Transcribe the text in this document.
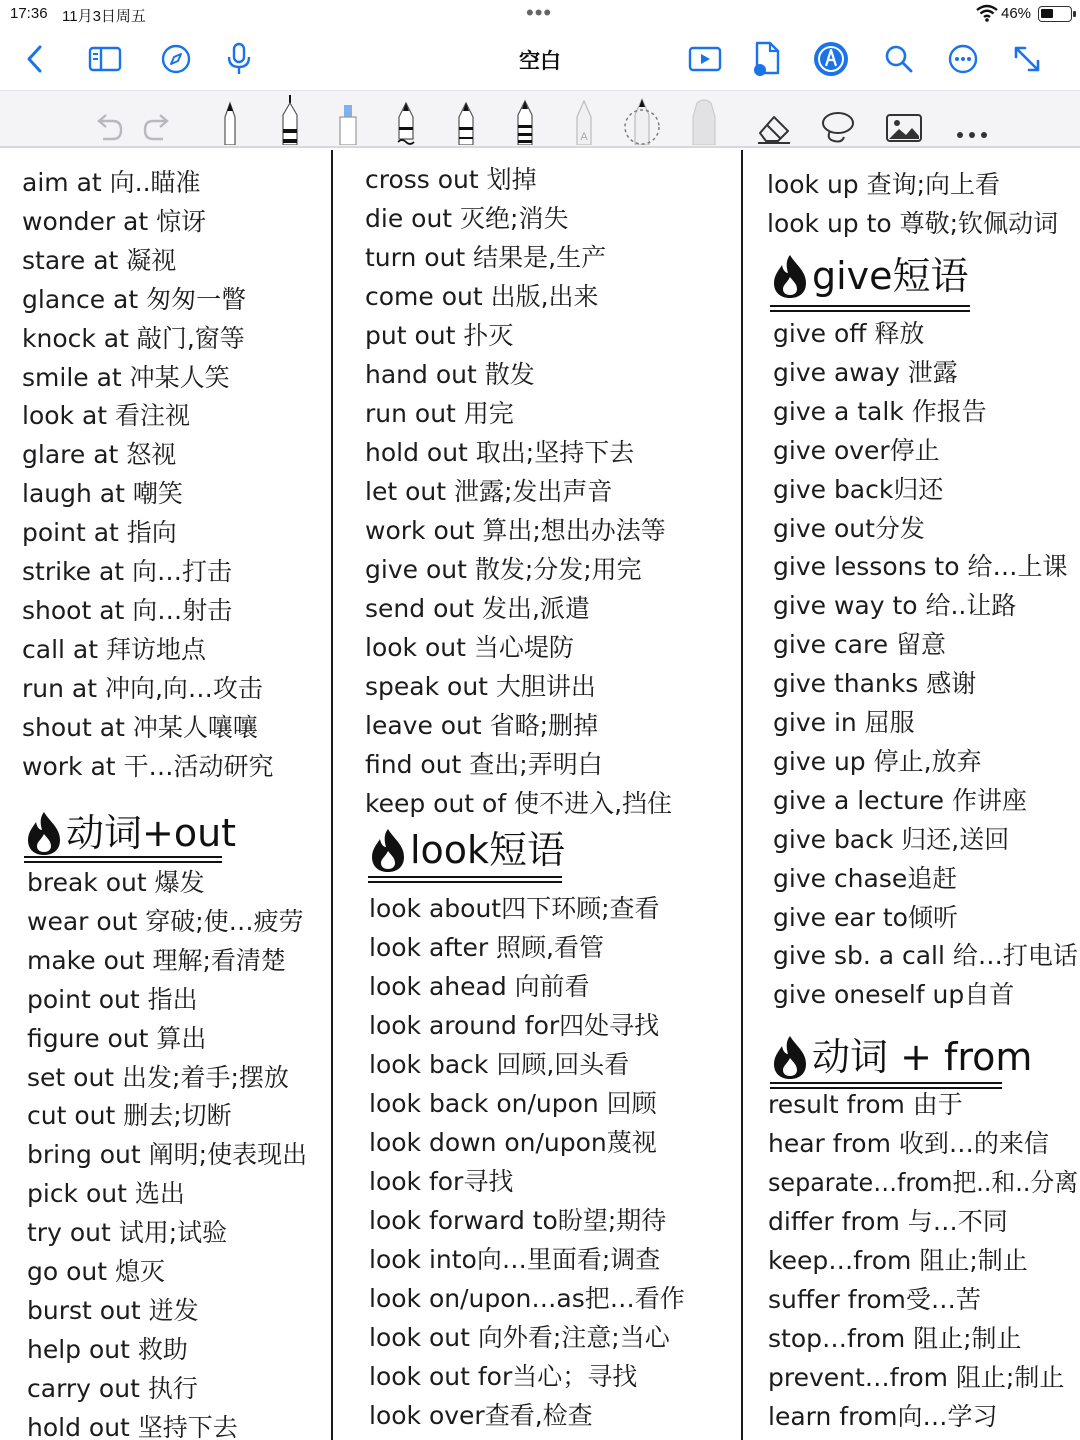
17:36 11月3日周五	•••	46%
空白
A
aim at 向..瞄准
wonder at 惊讶
stare at 凝视
glance at 匆匆一瞥
knock at 敲门,窗等
smile at 冲某人笑
look at 看注视
glare at 怒视
laugh at 嘲笑
point at 指向
strike at 向…打击
shoot at 向…射击
call at 拜访地点
run at 冲向,向…攻击
shout at 冲某人嚷嚷
work at 干…活动研究
动词+out
break out 爆发
wear out 穿破;使…疲劳
make out 理解;看清楚
point out 指出
figure out 算出
set out 出发;着手;摆放
cut out 删去;切断
bring out 阐明;使表现出
pick out 选出
try out 试用;试验
go out 熄灭
burst out 迸发
help out 救助
carry out 执行
hold out 坚持下去
cross out 划掉
die out 灭绝;消失
turn out 结果是,生产
come out 出版,出来
put out 扑灭
hand out 散发
run out 用完
hold out 取出;坚持下去
let out 泄露;发出声音
work out 算出;想出办法等
give out 散发;分发;用完
send out 发出,派遣
look out 当心堤防
speak out 大胆讲出
leave out 省略;删掉
find out 查出;弄明白
keep out of 使不进入,挡住
look短语
look about四下环顾;查看
look after 照顾,看管
look ahead 向前看
look around for四处寻找
look back 回顾,回头看
look back on/upon 回顾
look down on/upon蔑视
look for寻找
look forward to盼望;期待
look into向…里面看;调查
look on/upon…as把…看作
look out 向外看;注意;当心
look out for当心；寻找
look over查看,检查
look up 查询;向上看
look up to 尊敬;钦佩动词
give短语
give off 释放
give away 泄露
give a talk 作报告
give over停止
give back归还
give out分发
give lessons to 给…上课
give way to 给..让路
give care 留意
give thanks 感谢
give in 屈服
give up 停止,放弃
give a lecture 作讲座
give back 归还,送回
give chase追赶
give ear to倾听
give sb. a call 给…打电话
give oneself up自首
动词 + from
result from 由于
hear from 收到…的来信
separate…from把..和..分离
differ from 与…不同
keep…from 阻止;制止
suffer from受…苦
stop…from 阻止;制止
prevent…from 阻止;制止
learn from向…学习
